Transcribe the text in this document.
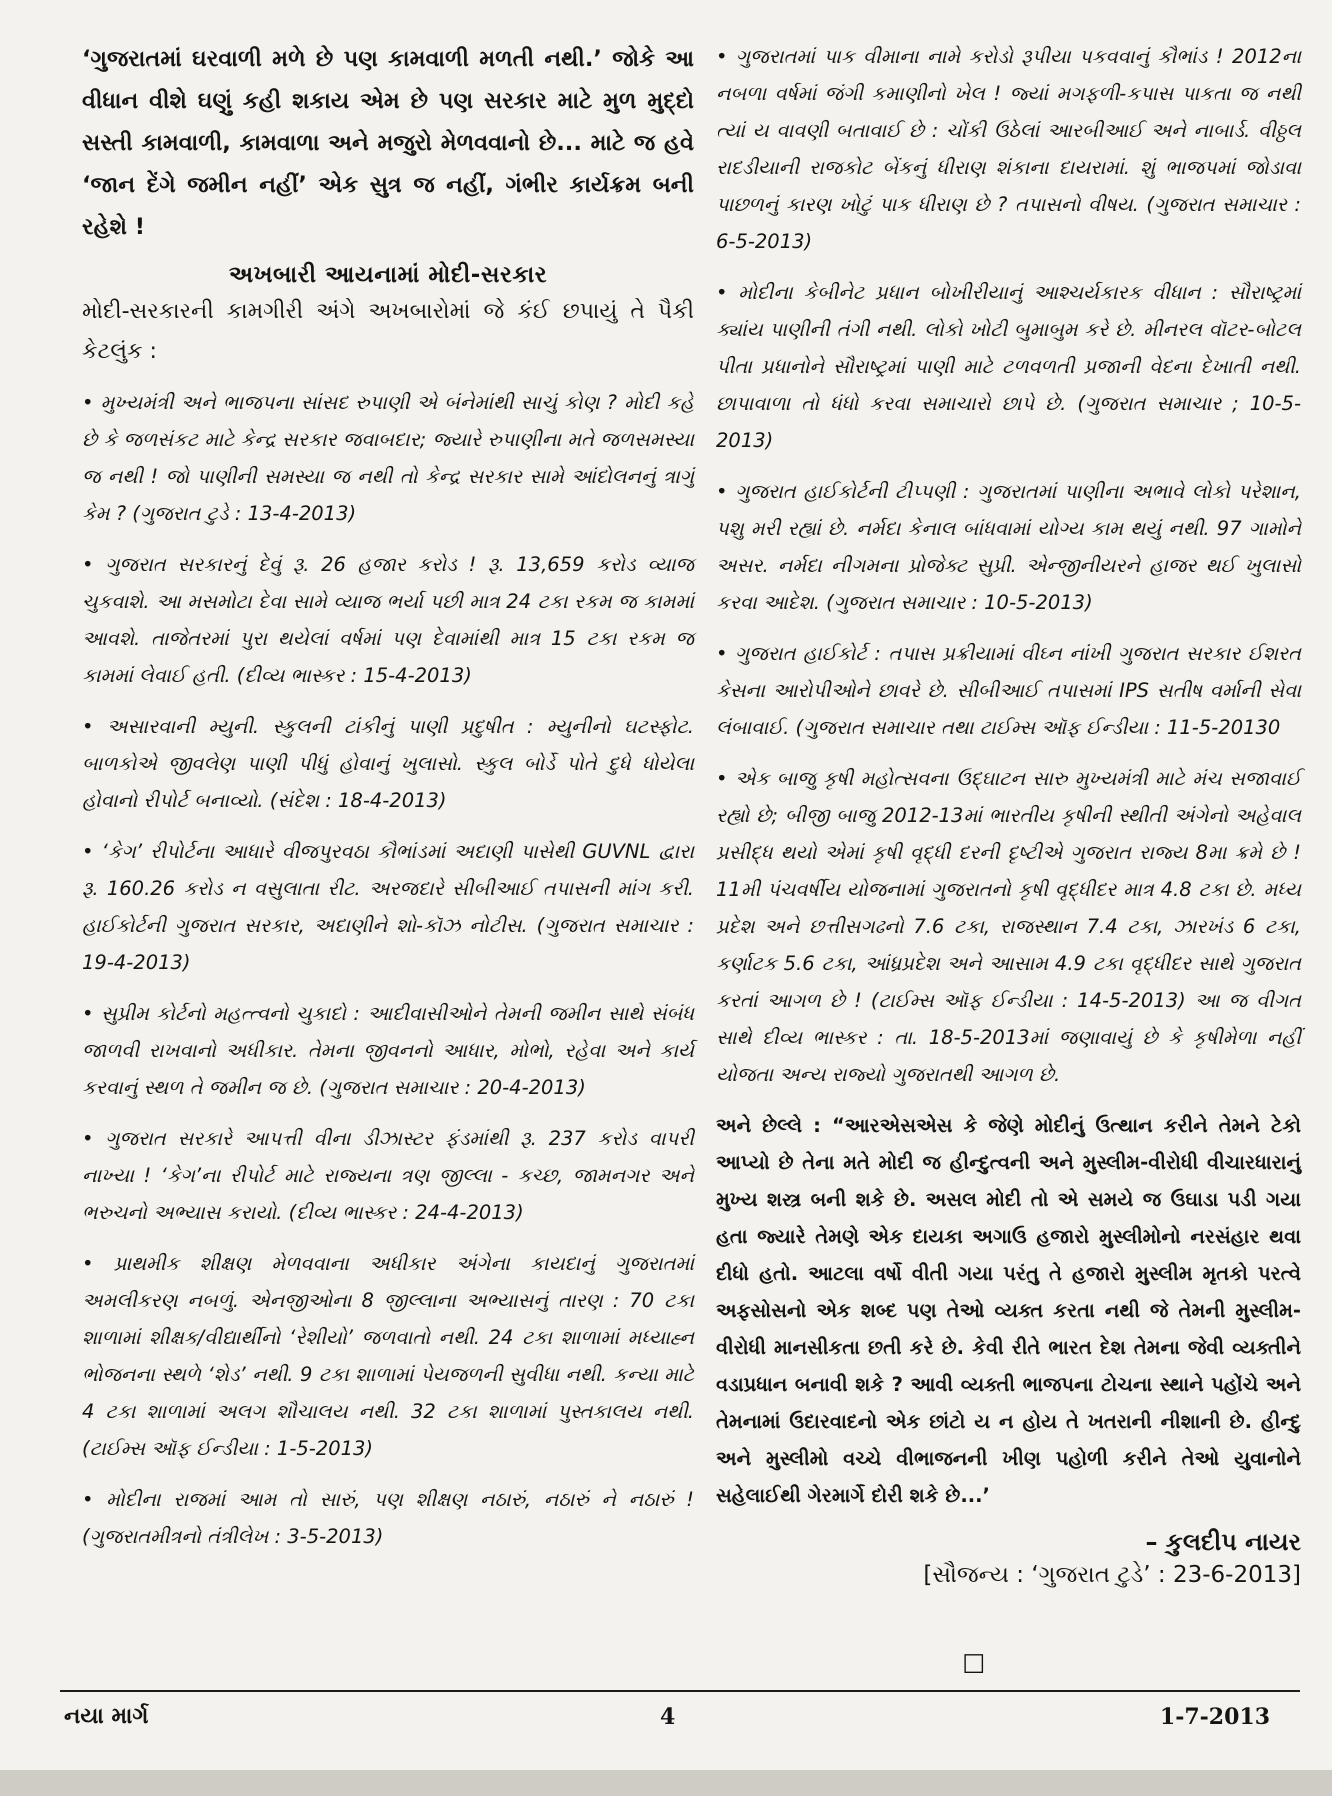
‘ગુજરાતમાં ઘરવાળી મળે છે પણ કામવાળી મળતી નથી.’ જોકે આ વીધાન વીશે ઘણું કહી શકાય એમ છે પણ સરકાર માટે મુળ મુદ્દો સસ્તી કામવાળી, કામવાળા અને મજુરો મેળવવાનો છે... માટે જ હવે ‘જાન દેંગે જમીન નહીં’ એક સુત્ર જ નહીં, ગંભીર કાર્યક્રમ બની રહેશે !

અખબારી આયનામાં મોદી-સરકાર

મોદી-સરકારની કામગીરી અંગે અખબારોમાં જે કંઈ છપાયું તે પૈકી કેટલુંક :

• મુખ્યમંત્રી અને ભાજપના સાંસદ રુપાણી એ બંનેમાંથી સાચું કોણ ? મોદી કહે છે કે જળસંકટ માટે કેન્દ્ર સરકાર જવાબદાર; જ્યારે રુપાણીના મતે જળસમસ્યા જ નથી ! જો પાણીની સમસ્યા જ નથી તો કેન્દ્ર સરકાર સામે આંદોલનનું ત્રાગું કેમ ? (ગુજરાત ટુડે : 13-4-2013)

• ગુજરાત સરકારનું દેવું રૂ. 26 હજાર કરોડ ! રૂ. 13,659 કરોડ વ્યાજ ચુકવાશે. આ મસમોટા દેવા સામે વ્યાજ ભર્યા પછી માત્ર 24 ટકા રકમ જ કામમાં આવશે. તાજેતરમાં પુરા થયેલાં વર્ષમાં પણ દેવામાંથી માત્ર 15 ટકા રકમ જ કામમાં લેવાઈ હતી. (દીવ્ય ભાસ્કર : 15-4-2013)

• અસારવાની મ્યુની. સ્કુલની ટાંકીનું પાણી પ્રદુષીત : મ્યુનીનો ઘટસ્ફોટ. બાળકોએ જીવલેણ પાણી પીધું હોવાનું ખુલાસો. સ્કુલ બોર્ડે પોતે દુધે ધોયેલા હોવાનો રીપોર્ટ બનાવ્યો. (સંદેશ : 18-4-2013)

• ‘કેગ’ રીપોર્ટના આધારે વીજપુરવઠા કૌભાંડમાં અદાણી પાસેથી GUVNL દ્વારા રૂ. 160.26 કરોડ ન વસુલાતા રીટ. અરજદારે સીબીઆઈ તપાસની માંગ કરી. હાઈકોર્ટની ગુજરાત સરકાર, અદાણીને શો-કૉઝ નોટીસ. (ગુજરાત સમાચાર : 19-4-2013)

• સુપ્રીમ કોર્ટનો મહત્ત્વનો ચુકાદો : આદીવાસીઓને તેમની જમીન સાથે સંબંધ જાળવી રાખવાનો અધીકાર. તેમના જીવનનો આધાર, મોભો, રહેવા અને કાર્ય કરવાનું સ્થળ તે જમીન જ છે. (ગુજરાત સમાચાર : 20-4-2013)

• ગુજરાત સરકારે આપત્તી વીના ડીઝાસ્ટર ફંડમાંથી રૂ. 237 કરોડ વાપરી નાખ્યા ! ‘કેગ’ના રીપોર્ટ માટે રાજ્યના ત્રણ જીલ્લા - કચ્છ, જામનગર અને ભરુચનો અભ્યાસ કરાયો. (દીવ્ય ભાસ્કર : 24-4-2013)

• પ્રાથમીક શીક્ષણ મેળવવાના અધીકાર અંગેના કાયદાનું ગુજરાતમાં અમલીકરણ નબળું. એનજીઓના 8 જીલ્લાના અભ્યાસનું તારણ : 70 ટકા શાળામાં શીક્ષક/વીદ્યાર્થીનો ‘રેશીયો’ જળવાતો નથી. 24 ટકા શાળામાં મધ્યાહ્ન ભોજનના સ્થળે ‘શેડ’ નથી. 9 ટકા શાળામાં પેયજળની સુવીધા નથી. કન્યા માટે 4 ટકા શાળામાં અલગ શૌચાલય નથી. 32 ટકા શાળામાં પુસ્તકાલય નથી. (ટાઈમ્સ ઑફ ઈન્ડીયા : 1-5-2013)

• મોદીના રાજમાં આમ તો સારું, પણ શીક્ષણ નઠારું, નઠારું ને નઠારું ! (ગુજરાતમીત્રનો તંત્રીલેખ : 3-5-2013)

• ગુજરાતમાં પાક વીમાના નામે કરોડો રૂપીયા પકવવાનું કૌભાંડ ! 2012ના નબળા વર્ષમાં જંગી કમાણીનો ખેલ ! જ્યાં મગફળી-કપાસ પાકતા જ નથી ત્યાં ય વાવણી બતાવાઈ છે : ચોંકી ઉઠેલાં આરબીઆઈ અને નાબાર્ડ. વીઠ્ઠલ રાદડીયાની રાજકોટ બેંકનું ધીરાણ શંકાના દાયરામાં. શું ભાજપમાં જોડાવા પાછળનું કારણ ખોટું પાક ધીરાણ છે ? તપાસનો વીષય. (ગુજરાત સમાચાર : 6-5-2013)

• મોદીના કેબીનેટ પ્રધાન બોખીરીયાનું આશ્ચર્યકારક વીધાન : સૌરાષ્ટ્રમાં ક્યાંય પાણીની તંગી નથી. લોકો ખોટી બુમાબુમ કરે છે. મીનરલ વૉટર-બોટલ પીતા પ્રધાનોને સૌરાષ્ટ્રમાં પાણી માટે ટળવળતી પ્રજાની વેદના દેખાતી નથી. છાપાવાળા તો ધંધો કરવા સમાચારો છાપે છે. (ગુજરાત સમાચાર ; 10-5-2013)

• ગુજરાત હાઈકોર્ટની ટીપ્પણી : ગુજરાતમાં પાણીના અભાવે લોકો પરેશાન, પશુ મરી રહ્યાં છે. નર્મદા કેનાલ બાંધવામાં યોગ્ય કામ થયું નથી. 97 ગામોને અસર. નર્મદા નીગમના પ્રોજેક્ટ સુપ્રી. એન્જીનીયરને હાજર થઈ ખુલાસો કરવા આદેશ. (ગુજરાત સમાચાર : 10-5-2013)

• ગુજરાત હાઈકોર્ટ : તપાસ પ્રક્રીયામાં વીઘ્ન નાંખી ગુજરાત સરકાર ઈશરત કેસના આરોપીઓને છાવરે છે. સીબીઆઈ તપાસમાં IPS સતીષ વર્માની સેવા લંબાવાઈ. (ગુજરાત સમાચાર તથા ટાઈમ્સ ઑફ ઈન્ડીયા : 11-5-20130

• એક બાજુ કૃષી મહોત્સવના ઉદ્ઘાટન સારુ મુખ્યમંત્રી માટે મંચ સજાવાઈ રહ્યો છે; બીજી બાજુ 2012-13માં ભારતીય કૃષીની સ્થીતી અંગેનો અહેવાલ પ્રસીદ્ધ થયો એમાં કૃષી વૃદ્ધી દરની દૃષ્ટીએ ગુજરાત રાજ્ય 8મા ક્રમે છે ! 11મી પંચવર્ષીય યોજનામાં ગુજરાતનો કૃષી વૃદ્ધીદર માત્ર 4.8 ટકા છે. મધ્ય પ્રદેશ અને છત્તીસગઢનો 7.6 ટકા, રાજસ્થાન 7.4 ટકા, ઝારખંડ 6 ટકા, કર્ણાટક 5.6 ટકા, આંધ્રપ્રદેશ અને આસામ 4.9 ટકા વૃદ્ધીદર સાથે ગુજરાત કરતાં આગળ છે ! (ટાઈમ્સ ઑફ ઈન્ડીયા : 14-5-2013) આ જ વીગત સાથે દીવ્ય ભાસ્કર : તા. 18-5-2013માં જણાવાયું છે કે કૃષીમેળા નહીં યોજતા અન્ય રાજ્યો ગુજરાતથી આગળ છે.

અને છેલ્લે : “આરએસએસ કે જેણે મોદીનું ઉત્થાન કરીને તેમને ટેકો આપ્યો છે તેના મતે મોદી જ હીન્દુત્વની અને મુસ્લીમ-વીરોધી વીચારધારાનું મુખ્ય શસ્ત્ર બની શકે છે. અસલ મોદી તો એ સમયે જ ઉઘાડા પડી ગયા હતા જ્યારે તેમણે એક દાયકા અગાઉ હજારો મુસ્લીમોનો નરસંહાર થવા દીધો હતો. આટલા વર્ષો વીતી ગયા પરંતુ તે હજારો મુસ્લીમ મૃતકો પરત્વે અફસોસનો એક શબ્દ પણ તેઓ વ્યક્ત કરતા નથી જે તેમની મુસ્લીમ-વીરોધી માનસીકતા છતી કરે છે. કેવી રીતે ભારત દેશ તેમના જેવી વ્યક્તીને વડાપ્રધાન બનાવી શકે ? આવી વ્યક્તી ભાજપના ટોચના સ્થાને પહોંચે અને તેમનામાં ઉદારવાદનો એક છાંટો ય ન હોય તે ખતરાની નીશાની છે. હીન્દુ અને મુસ્લીમો વચ્ચે વીભાજનની ખીણ પહોળી કરીને તેઓ યુવાનોને સહેલાઈથી ગેરમાર્ગે દોરી શકે છે...’

– કુલદીપ નાયર
[સૌજન્ય : ‘ગુજરાત ટુડે’ : 23-6-2013]
☐
નયા માર્ગ	4	1-7-2013
